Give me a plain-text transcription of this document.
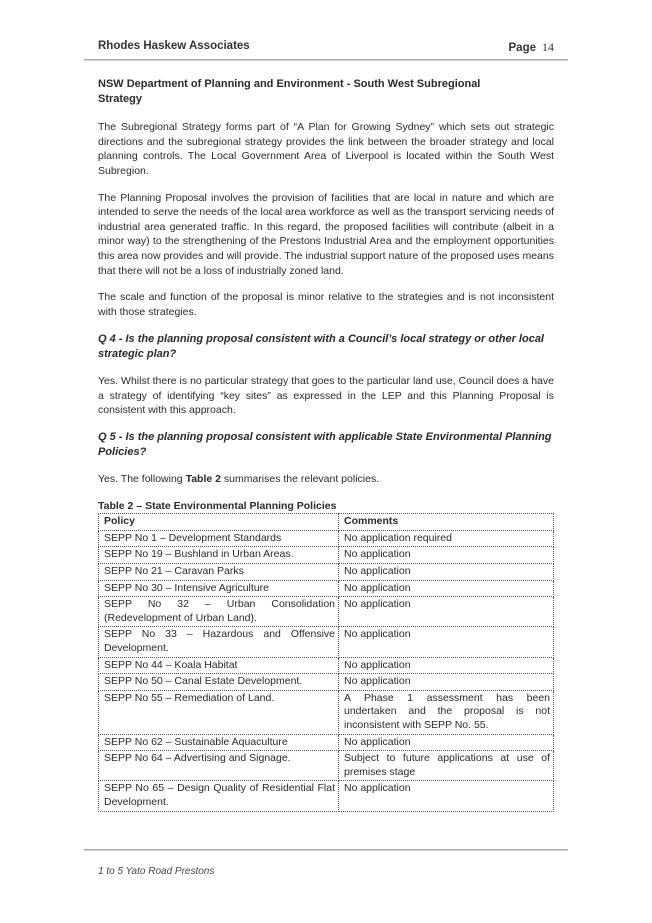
Rhodes Haskew Associates	Page 14
NSW Department of Planning and Environment - South West Subregional Strategy

The Subregional Strategy forms part of “A Plan for Growing Sydney” which sets out strategic directions and the subregional strategy provides the link between the broader strategy and local planning controls. The Local Government Area of Liverpool is located within the South West Subregion.

The Planning Proposal involves the provision of facilities that are local in nature and which are intended to serve the needs of the local area workforce as well as the transport servicing needs of industrial area generated traffic. In this regard, the proposed facilities will contribute (albeit in a minor way) to the strengthening of the Prestons Industrial Area and the employment opportunities this area now provides and will provide. The industrial support nature of the proposed uses means that there will not be a loss of industrially zoned land.

The scale and function of the proposal is minor relative to the strategies and is not inconsistent with those strategies.

Q 4 - Is the planning proposal consistent with a Council’s local strategy or other local strategic plan?

Yes. Whilst there is no particular strategy that goes to the particular land use, Council does a have a strategy of identifying “key sites” as expressed in the LEP and this Planning Proposal is consistent with this approach.

Q 5 - Is the planning proposal consistent with applicable State Environmental Planning Policies?

Yes. The following Table 2 summarises the relevant policies.

Table 2 – State Environmental Planning Policies
Policy	Comments
SEPP No 1 – Development Standards	No application required
SEPP No 19 – Bushland in Urban Areas.	No application
SEPP No 21 – Caravan Parks	No application
SEPP No 30 – Intensive Agriculture	No application
SEPP No 32 – Urban Consolidation (Redevelopment of Urban Land).	No application
SEPP No 33 – Hazardous and Offensive Development.	No application
SEPP No 44 – Koala Habitat	No application
SEPP No 50 – Canal Estate Development.	No application
SEPP No 55 – Remediation of Land.	A Phase 1 assessment has been undertaken and the proposal is not inconsistent with SEPP No. 55.
SEPP No 62 – Sustainable Aquaculture	No application
SEPP No 64 – Advertising and Signage.	Subject to future applications at use of premises stage
SEPP No 65 – Design Quality of Residential Flat Development.	No application
1 to 5 Yato Road Prestons
